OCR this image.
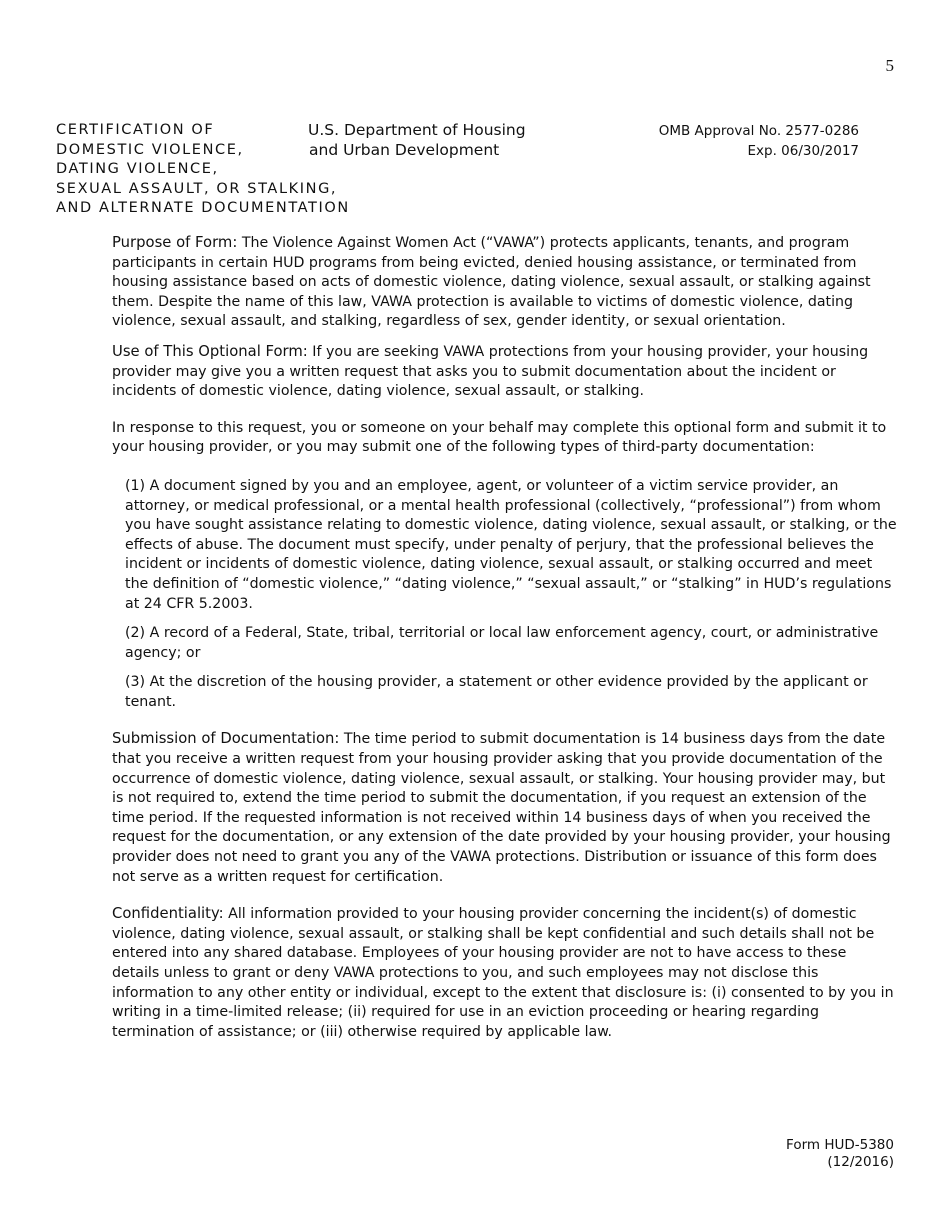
5
CERTIFICATION OF
DOMESTIC VIOLENCE,
DATING VIOLENCE,
SEXUAL ASSAULT, OR STALKING,
AND ALTERNATE DOCUMENTATION
U.S. Department of Housing
and Urban Development
OMB Approval No. 2577-0286
Exp. 06/30/2017

Purpose of Form: The Violence Against Women Act (“VAWA”) protects applicants, tenants, and program participants in certain HUD programs from being evicted, denied housing assistance, or terminated from housing assistance based on acts of domestic violence, dating violence, sexual assault, or stalking against them. Despite the name of this law, VAWA protection is available to victims of domestic violence, dating violence, sexual assault, and stalking, regardless of sex, gender identity, or sexual orientation.

Use of This Optional Form: If you are seeking VAWA protections from your housing provider, your housing provider may give you a written request that asks you to submit documentation about the incident or incidents of domestic violence, dating violence, sexual assault, or stalking.

In response to this request, you or someone on your behalf may complete this optional form and submit it to your housing provider, or you may submit one of the following types of third-party documentation:

(1) A document signed by you and an employee, agent, or volunteer of a victim service provider, an attorney, or medical professional, or a mental health professional (collectively, “professional”) from whom you have sought assistance relating to domestic violence, dating violence, sexual assault, or stalking, or the effects of abuse. The document must specify, under penalty of perjury, that the professional believes the incident or incidents of domestic violence, dating violence, sexual assault, or stalking occurred and meet the definition of “domestic violence,” “dating violence,” “sexual assault,” or “stalking” in HUD’s regulations at 24 CFR 5.2003.

(2) A record of a Federal, State, tribal, territorial or local law enforcement agency, court, or administrative agency; or

(3) At the discretion of the housing provider, a statement or other evidence provided by the applicant or tenant.

Submission of Documentation: The time period to submit documentation is 14 business days from the date that you receive a written request from your housing provider asking that you provide documentation of the occurrence of domestic violence, dating violence, sexual assault, or stalking. Your housing provider may, but is not required to, extend the time period to submit the documentation, if you request an extension of the time period. If the requested information is not received within 14 business days of when you received the request for the documentation, or any extension of the date provided by your housing provider, your housing provider does not need to grant you any of the VAWA protections. Distribution or issuance of this form does not serve as a written request for certification.

Confidentiality: All information provided to your housing provider concerning the incident(s) of domestic violence, dating violence, sexual assault, or stalking shall be kept confidential and such details shall not be entered into any shared database. Employees of your housing provider are not to have access to these details unless to grant or deny VAWA protections to you, and such employees may not disclose this information to any other entity or individual, except to the extent that disclosure is: (i) consented to by you in writing in a time-limited release; (ii) required for use in an eviction proceeding or hearing regarding termination of assistance; or (iii) otherwise required by applicable law.

Form HUD-5380
(12/2016)
